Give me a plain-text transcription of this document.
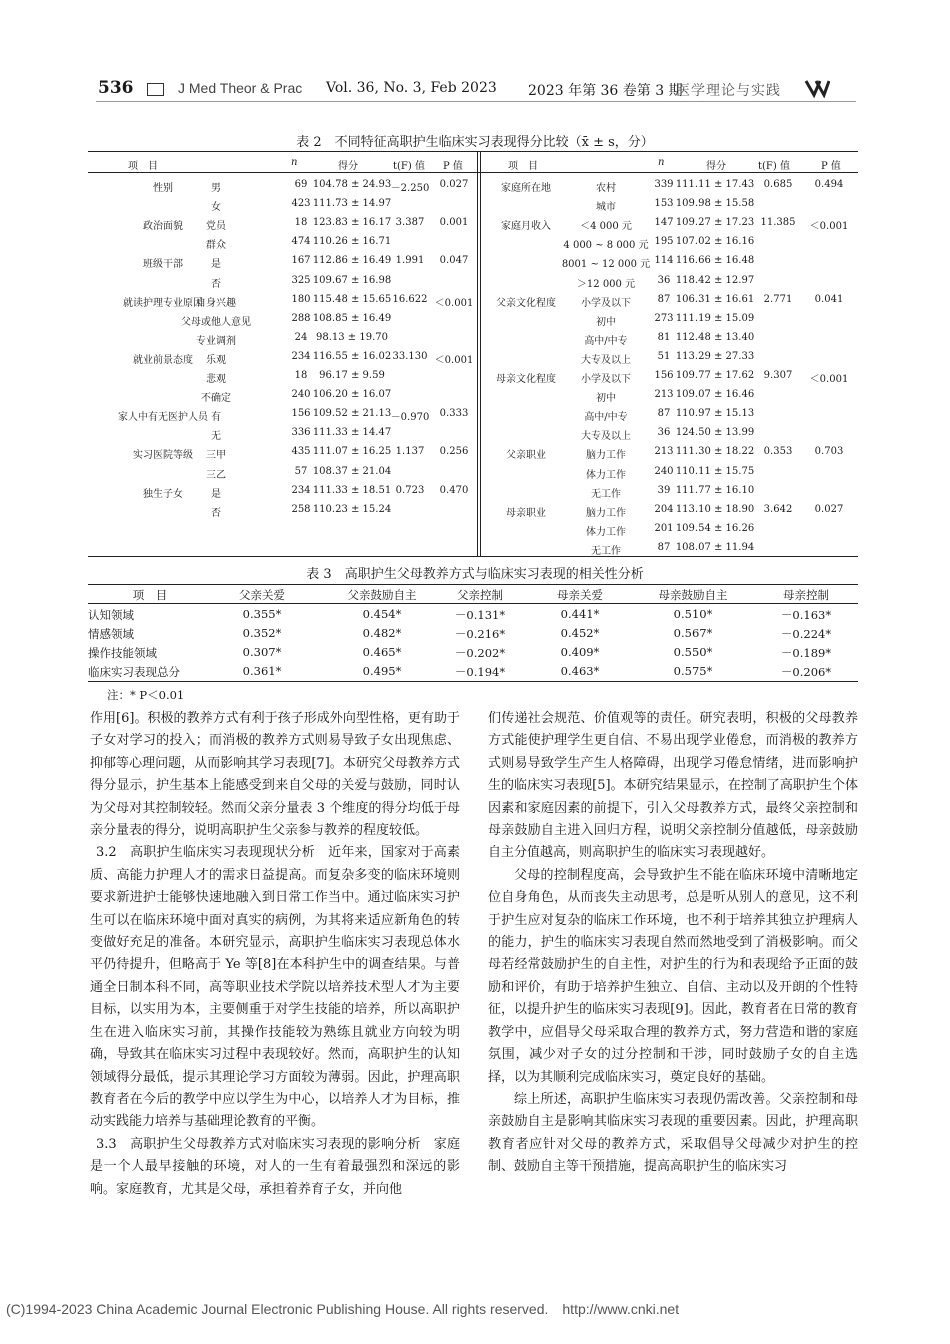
536	J Med Theor & Prac Vol. 36, No. 3, Feb 2023 2023 年第 36 卷第 3 期
医学理论与实践
表 2　不同特征高职护生临床实习表现得分比较（x̄ ± s，分）
项　目	n	得分	t(F) 值 P 值	项　目	n	得分	t(F) 值	P 值
性别	男	69 104.78 ± 24.93 －2.250 0.027
女	423 111.73 ± 14.97
政治面貌 党员	18 123.83 ± 16.17 3.387 0.001
群众	474 110.26 ± 16.71
班级干部	是	167 112.86 ± 16.49 1.991 0.047
否	325 109.67 ± 16.98
就读护理专业原因
自身兴趣	180 115.48 ± 15.65 16.622 ＜0.001
父母或他人意见	288 108.85 ± 16.49
专业调剂	24 98.13 ± 19.70
就业前景态度 乐观	234 116.55 ± 16.02 33.130 ＜0.001
悲观	18 96.17 ± 9.59
不确定	240 106.20 ± 16.07
家人中有无医护人员 有	156 109.52 ± 21.13 －0.970 0.333
无	336 111.33 ± 14.47
实习医院等级 三甲	435 111.07 ± 16.25 1.137 0.256
三乙	57 108.37 ± 21.04
独生子女	是	234 111.33 ± 18.51 0.723 0.470
否	258 110.23 ± 15.24
家庭所在地	农村	339 111.11 ± 17.43 0.685 0.494
城市	153 109.98 ± 15.58
家庭月收入	＜4 000 元 147 109.27 ± 17.23 11.385 ＜0.001
4 000 ~ 8 000 元 195 107.02 ± 16.16
8001 ~ 12 000 元 114 116.66 ± 16.48
＞12 000 元 36 118.42 ± 12.97
父亲文化程度	小学及以下	87 106.31 ± 16.61 2.771 0.041
初中	273 111.19 ± 15.09
高中/中专	81 112.48 ± 13.40
大专及以上	51 113.29 ± 27.33
母亲文化程度	小学及以下 156 109.77 ± 17.62 9.307 ＜0.001
初中	213 109.07 ± 16.46
高中/中专	87 110.97 ± 15.13
大专及以上	36 124.50 ± 13.99
父亲职业	脑力工作	213 111.30 ± 18.22 0.353 0.703
体力工作	240 110.11 ± 15.75
无工作	39 111.77 ± 16.10
母亲职业	脑力工作	204 113.10 ± 18.90 3.642 0.027
体力工作	201 109.54 ± 16.26
无工作	87 108.07 ± 11.94
表 3　高职护生父母教养方式与临床实习表现的相关性分析
项　目	父亲关爱	父亲鼓励自主	父亲控制	母亲关爱	母亲鼓励自主	母亲控制
认知领域	0.355*	0.454*	－0.131*	0.441*	0.510*	－0.163*
情感领域	0.352*	0.482*	－0.216*	0.452*	0.567*	－0.224*
操作技能领域	0.307*	0.465*	－0.202*	0.409*	0.550*	－0.189*
临床实习表现总分	0.361*	0.495*	－0.194*	0.463*	0.575*	－0.206*
注：* P＜0.01

作用[6]。积极的教养方式有利于孩子形成外向型性格，更有助于子女对学习的投入；而消极的教养方式则易导致子女出现焦虑、抑郁等心理问题，从而影响其学习表现[7]。本研究父母教养方式得分显示，护生基本上能感受到来自父母的关爱与鼓励，同时认为父母对其控制较轻。然而父亲分量表 3 个维度的得分均低于母亲分量表的得分，说明高职护生父亲参与教养的程度较低。

3.2　高职护生临床实习表现现状分析　近年来，国家对于高素质、高能力护理人才的需求日益提高。而复杂多变的临床环境则要求新进护士能够快速地融入到日常工作当中。通过临床实习护生可以在临床环境中面对真实的病例，为其将来适应新角色的转变做好充足的准备。本研究显示，高职护生临床实习表现总体水平仍待提升，但略高于 Ye 等[8]在本科护生中的调查结果。与普通全日制本科不同，高等职业技术学院以培养技术型人才为主要目标，以实用为本，主要侧重于对学生技能的培养，所以高职护生在进入临床实习前，其操作技能较为熟练且就业方向较为明确，导致其在临床实习过程中表现较好。然而，高职护生的认知领域得分最低，提示其理论学习方面较为薄弱。因此，护理高职教育者在今后的教学中应以学生为中心，以培养人才为目标，推动实践能力培养与基础理论教育的平衡。

3.3　高职护生父母教养方式对临床实习表现的影响分析　家庭是一个人最早接触的环境，对人的一生有着最强烈和深远的影响。家庭教育，尤其是父母，承担着养育子女，并向他

们传递社会规范、价值观等的责任。研究表明，积极的父母教养方式能使护理学生更自信、不易出现学业倦怠，而消极的教养方式则易导致学生产生人格障碍，出现学习倦怠情绪，进而影响护生的临床实习表现[5]。本研究结果显示，在控制了高职护生个体因素和家庭因素的前提下，引入父母教养方式，最终父亲控制和母亲鼓励自主进入回归方程，说明父亲控制分值越低，母亲鼓励自主分值越高，则高职护生的临床实习表现越好。

父母的控制程度高，会导致护生不能在临床环境中清晰地定位自身角色，从而丧失主动思考，总是听从别人的意见，这不利于护生应对复杂的临床工作环境，也不利于培养其独立护理病人的能力，护生的临床实习表现自然而然地受到了消极影响。而父母若经常鼓励护生的自主性，对护生的行为和表现给予正面的鼓励和评价，有助于培养护生独立、自信、主动以及开朗的个性特征，以提升护生的临床实习表现[9]。因此，教育者在日常的教育教学中，应倡导父母采取合理的教养方式，努力营造和谐的家庭氛围，减少对子女的过分控制和干涉，同时鼓励子女的自主选择，以为其顺利完成临床实习，奠定良好的基础。

综上所述，高职护生临床实习表现仍需改善。父亲控制和母亲鼓励自主是影响其临床实习表现的重要因素。因此，护理高职教育者应针对父母的教养方式，采取倡导父母减少对护生的控制、鼓励自主等干预措施，提高高职护生的临床实习

(C)1994-2023 China Academic Journal Electronic Publishing House. All rights reserved.　http://www.cnki.net
